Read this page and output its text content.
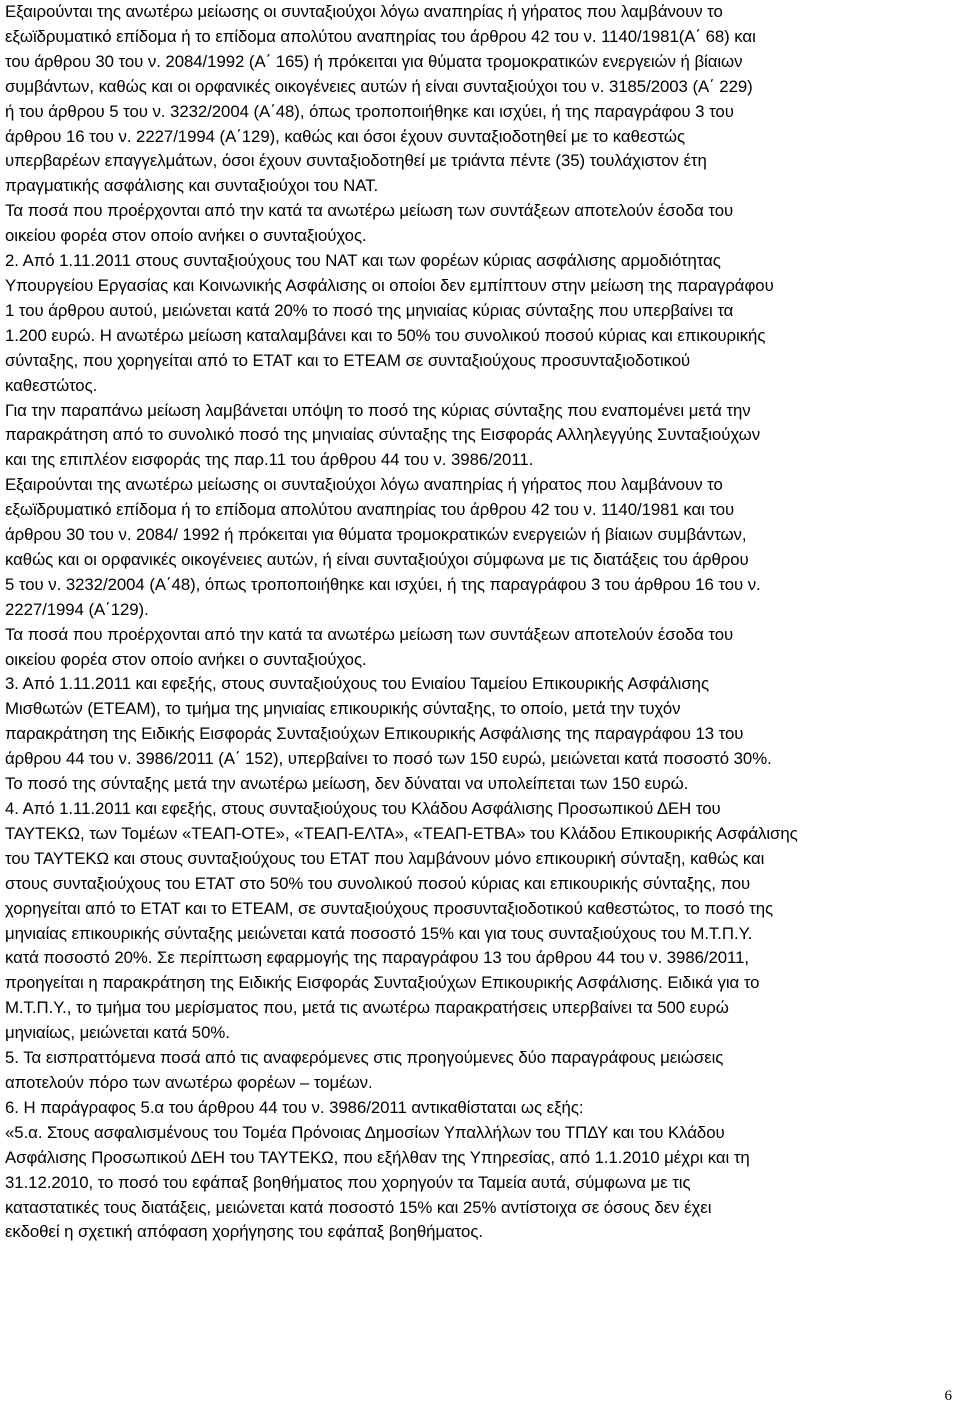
Εξαιρούνται της ανωτέρω μείωσης οι συνταξιούχοι λόγω αναπηρίας ή γήρατος που λαμβάνουν το
εξωϊδρυματικό επίδομα ή το επίδομα απολύτου αναπηρίας του άρθρου 42 του ν. 1140/1981(Α΄ 68) και
του άρθρου 30 του ν. 2084/1992 (Α΄ 165) ή πρόκειται για θύματα τρομοκρατικών ενεργειών ή βίαιων
συμβάντων, καθώς και οι ορφανικές οικογένειες αυτών ή είναι συνταξιούχοι του ν. 3185/2003 (Α΄ 229)
ή του άρθρου 5 του ν. 3232/2004 (Α΄48), όπως τροποποιήθηκε και ισχύει, ή της παραγράφου 3 του
άρθρου 16 του ν. 2227/1994 (Α΄129), καθώς και όσοι έχουν συνταξιοδοτηθεί με το καθεστώς
υπερβαρέων επαγγελμάτων, όσοι έχουν συνταξιοδοτηθεί με τριάντα πέντε (35) τουλάχιστον έτη
πραγματικής ασφάλισης και συνταξιούχοι του ΝΑΤ.
Τα ποσά που προέρχονται από την κατά τα ανωτέρω μείωση των συντάξεων αποτελούν έσοδα του
οικείου φορέα στον οποίο ανήκει ο συνταξιούχος.
2. Από 1.11.2011 στους συνταξιούχους του ΝΑΤ και των φορέων κύριας ασφάλισης αρμοδιότητας
Υπουργείου Εργασίας και Κοινωνικής Ασφάλισης οι οποίοι δεν εμπίπτουν στην μείωση της παραγράφου
1 του άρθρου αυτού, μειώνεται κατά 20% το ποσό της μηνιαίας κύριας σύνταξης που υπερβαίνει τα
1.200 ευρώ. Η ανωτέρω μείωση καταλαμβάνει και το 50% του συνολικού ποσού κύριας και επικουρικής
σύνταξης, που χορηγείται από το ΕΤΑΤ και το ΕΤΕΑΜ σε συνταξιούχους προσυνταξιοδοτικού
καθεστώτος.
Για την παραπάνω μείωση λαμβάνεται υπόψη το ποσό της κύριας σύνταξης που εναπομένει μετά την
παρακράτηση από το συνολικό ποσό της μηνιαίας σύνταξης της Εισφοράς Αλληλεγγύης Συνταξιούχων
και της επιπλέον εισφοράς της παρ.11 του άρθρου 44 του ν. 3986/2011.
Εξαιρούνται της ανωτέρω μείωσης οι συνταξιούχοι λόγω αναπηρίας ή γήρατος που λαμβάνουν το
εξωϊδρυματικό επίδομα ή το επίδομα απολύτου αναπηρίας του άρθρου 42 του ν. 1140/1981 και του
άρθρου 30 του ν. 2084/ 1992 ή πρόκειται για θύματα τρομοκρατικών ενεργειών ή βίαιων συμβάντων,
καθώς και οι ορφανικές οικογένειες αυτών, ή είναι συνταξιούχοι σύμφωνα με τις διατάξεις του άρθρου
5 του ν. 3232/2004 (Α΄48), όπως τροποποιήθηκε και ισχύει, ή της παραγράφου 3 του άρθρου 16 του ν.
2227/1994 (Α΄129).
Τα ποσά που προέρχονται από την κατά τα ανωτέρω μείωση των συντάξεων αποτελούν έσοδα του
οικείου φορέα στον οποίο ανήκει ο συνταξιούχος.
3. Από 1.11.2011 και εφεξής, στους συνταξιούχους του Ενιαίου Ταμείου Επικουρικής Ασφάλισης
Μισθωτών (ΕΤΕΑΜ), το τμήμα της μηνιαίας επικουρικής σύνταξης, το οποίο, μετά την τυχόν
παρακράτηση της Ειδικής Εισφοράς Συνταξιούχων Επικουρικής Ασφάλισης της παραγράφου 13 του
άρθρου 44 του ν. 3986/2011 (Α΄ 152), υπερβαίνει το ποσό των 150 ευρώ, μειώνεται κατά ποσοστό 30%.
Το ποσό της σύνταξης μετά την ανωτέρω μείωση, δεν δύναται να υπολείπεται των 150 ευρώ.
4. Από 1.11.2011 και εφεξής, στους συνταξιούχους του Κλάδου Ασφάλισης Προσωπικού ΔΕΗ του
ΤΑΥΤΕΚΩ, των Τομέων «ΤΕΑΠ-ΟΤΕ», «ΤΕΑΠ-ΕΛΤΑ», «ΤΕΑΠ-ΕΤΒΑ» του Κλάδου Επικουρικής Ασφάλισης
του ΤΑΥΤΕΚΩ και στους συνταξιούχους του ΕΤΑΤ που λαμβάνουν μόνο επικουρική σύνταξη, καθώς και
στους συνταξιούχους του ΕΤΑΤ στο 50% του συνολικού ποσού κύριας και επικουρικής σύνταξης, που
χορηγείται από το ΕΤΑΤ και το ΕΤΕΑΜ, σε συνταξιούχους προσυνταξιοδοτικού καθεστώτος, το ποσό της
μηνιαίας επικουρικής σύνταξης μειώνεται κατά ποσοστό 15% και για τους συνταξιούχους του Μ.Τ.Π.Υ.
κατά ποσοστό 20%. Σε περίπτωση εφαρμογής της παραγράφου 13 του άρθρου 44 του ν. 3986/2011,
προηγείται η παρακράτηση της Ειδικής Εισφοράς Συνταξιούχων Επικουρικής Ασφάλισης. Ειδικά για το
Μ.Τ.Π.Υ., το τμήμα του μερίσματος που, μετά τις ανωτέρω παρακρατήσεις υπερβαίνει τα 500 ευρώ
μηνιαίως, μειώνεται κατά 50%.
5. Τα εισπραττόμενα ποσά από τις αναφερόμενες στις προηγούμενες δύο παραγράφους μειώσεις
αποτελούν πόρο των ανωτέρω φορέων – τομέων.
6. Η παράγραφος 5.α του άρθρου 44 του ν. 3986/2011 αντικαθίσταται ως εξής:
«5.α. Στους ασφαλισμένους του Τομέα Πρόνοιας Δημοσίων Υπαλλήλων του ΤΠΔΥ και του Κλάδου
Ασφάλισης Προσωπικού ΔΕΗ του ΤΑΥΤΕΚΩ, που εξήλθαν της Υπηρεσίας, από 1.1.2010 μέχρι και τη
31.12.2010, το ποσό του εφάπαξ βοηθήματος που χορηγούν τα Ταμεία αυτά, σύμφωνα με τις
καταστατικές τους διατάξεις, μειώνεται κατά ποσοστό 15% και 25% αντίστοιχα σε όσους δεν έχει
εκδοθεί η σχετική απόφαση χορήγησης του εφάπαξ βοηθήματος.
6
